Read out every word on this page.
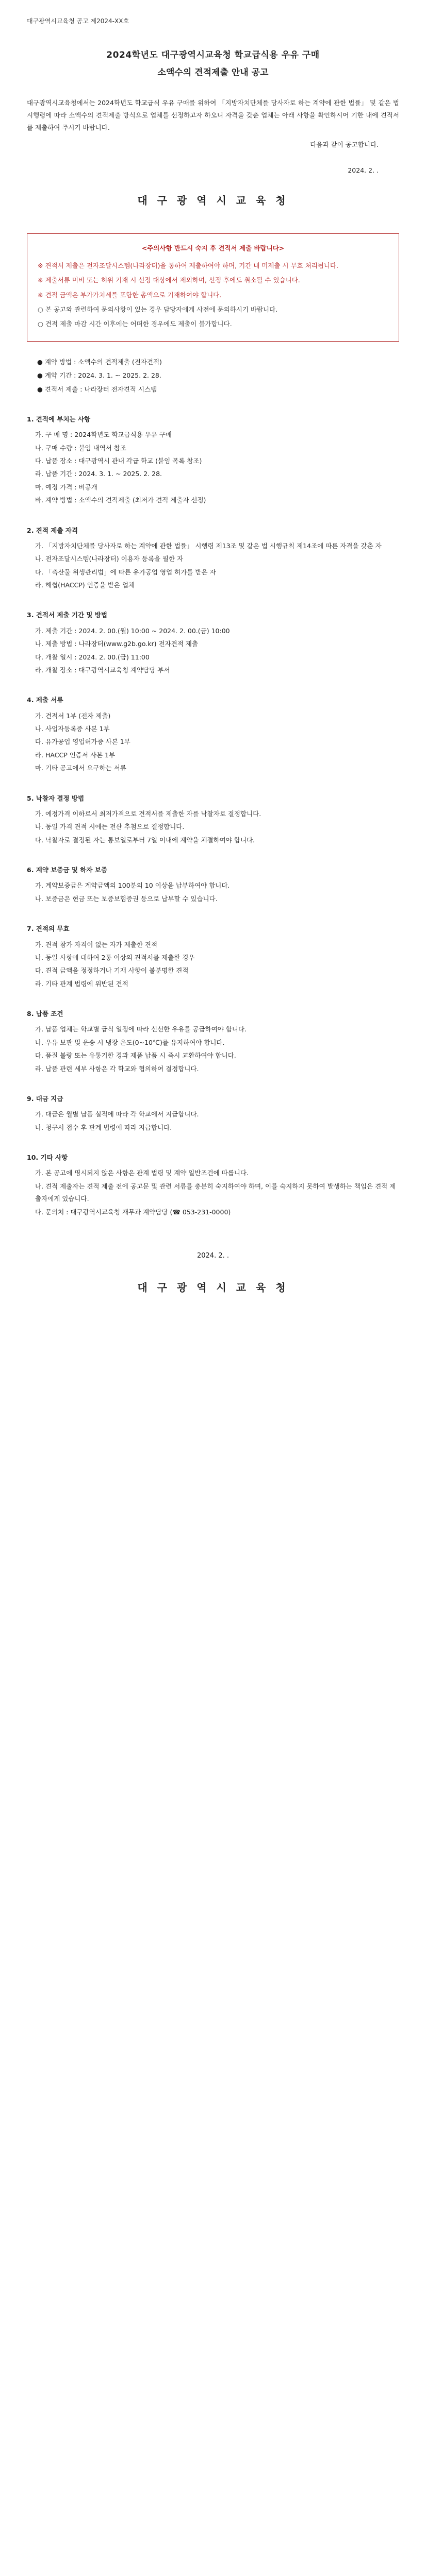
대구광역시교육청 공고 제2024-XX호
2024학년도 대구광역시교육청 학교급식용 우유 구매
소액수의 견적제출 안내 공고

대구광역시교육청에서는 2024학년도 학교급식 우유 구매를 위하여 「지방자치단체를 당사자로 하는 계약에 관한 법률」 및 같은 법 시행령에 따라 소액수의 견적제출 방식으로 업체를 선정하고자 하오니 자격을 갖춘 업체는 아래 사항을 확인하시어 기한 내에 견적서를 제출하여 주시기 바랍니다.

다음과 같이 공고합니다.

2024. 2. .

대 구 광 역 시 교 육 청
<주의사항 반드시 숙지 후 견적서 제출 바랍니다>

※ 견적서 제출은 전자조달시스템(나라장터)을 통하여 제출하여야 하며, 기간 내 미제출 시 무효 처리됩니다.

※ 제출서류 미비 또는 허위 기재 시 선정 대상에서 제외하며, 선정 후에도 취소될 수 있습니다.

※ 견적 금액은 부가가치세를 포함한 총액으로 기재하여야 합니다.

○ 본 공고와 관련하여 문의사항이 있는 경우 담당자에게 사전에 문의하시기 바랍니다.

○ 견적 제출 마감 시간 이후에는 어떠한 경우에도 제출이 불가합니다.

● 계약 방법 : 소액수의 견적제출 (전자견적)

● 계약 기간 : 2024. 3. 1. ~ 2025. 2. 28.

● 견적서 제출 : 나라장터 전자견적 시스템

1. 견적에 부치는 사항

가. 구 매 명 : 2024학년도 학교급식용 우유 구매

나. 구매 수량 : 붙임 내역서 참조

다. 납품 장소 : 대구광역시 관내 각급 학교 (붙임 목록 참조)

라. 납품 기간 : 2024. 3. 1. ~ 2025. 2. 28.

마. 예정 가격 : 비공개

바. 계약 방법 : 소액수의 견적제출 (최저가 견적 제출자 선정)

2. 견적 제출 자격

가. 「지방자치단체를 당사자로 하는 계약에 관한 법률」 시행령 제13조 및 같은 법 시행규칙 제14조에 따른 자격을 갖춘 자

나. 전자조달시스템(나라장터) 이용자 등록을 필한 자

다. 「축산물 위생관리법」에 따른 유가공업 영업 허가를 받은 자

라. 해썹(HACCP) 인증을 받은 업체

3. 견적서 제출 기간 및 방법

가. 제출 기간 : 2024. 2. 00.(월) 10:00 ~ 2024. 2. 00.(금) 10:00

나. 제출 방법 : 나라장터(www.g2b.go.kr) 전자견적 제출

다. 개찰 일시 : 2024. 2. 00.(금) 11:00

라. 개찰 장소 : 대구광역시교육청 계약담당 부서

4. 제출 서류

가. 견적서 1부 (전자 제출)

나. 사업자등록증 사본 1부

다. 유가공업 영업허가증 사본 1부

라. HACCP 인증서 사본 1부

마. 기타 공고에서 요구하는 서류

5. 낙찰자 결정 방법

가. 예정가격 이하로서 최저가격으로 견적서를 제출한 자를 낙찰자로 결정합니다.

나. 동일 가격 견적 시에는 전산 추첨으로 결정합니다.

다. 낙찰자로 결정된 자는 통보일로부터 7일 이내에 계약을 체결하여야 합니다.

6. 계약 보증금 및 하자 보증

가. 계약보증금은 계약금액의 100분의 10 이상을 납부하여야 합니다.

나. 보증금은 현금 또는 보증보험증권 등으로 납부할 수 있습니다.

7. 견적의 무효

가. 견적 참가 자격이 없는 자가 제출한 견적

나. 동일 사항에 대하여 2통 이상의 견적서를 제출한 경우

다. 견적 금액을 정정하거나 기재 사항이 불분명한 견적

라. 기타 관계 법령에 위반된 견적

8. 납품 조건

가. 납품 업체는 학교별 급식 일정에 따라 신선한 우유를 공급하여야 합니다.

나. 우유 보관 및 운송 시 냉장 온도(0~10℃)를 유지하여야 합니다.

다. 품질 불량 또는 유통기한 경과 제품 납품 시 즉시 교환하여야 합니다.

라. 납품 관련 세부 사항은 각 학교와 협의하여 결정합니다.

9. 대금 지급

가. 대금은 월별 납품 실적에 따라 각 학교에서 지급합니다.

나. 청구서 접수 후 관계 법령에 따라 지급합니다.

10. 기타 사항

가. 본 공고에 명시되지 않은 사항은 관계 법령 및 계약 일반조건에 따릅니다.

나. 견적 제출자는 견적 제출 전에 공고문 및 관련 서류를 충분히 숙지하여야 하며, 이를 숙지하지 못하여 발생하는 책임은 견적 제출자에게 있습니다.

다. 문의처 : 대구광역시교육청 재무과 계약담당 (☎ 053-231-0000)

2024. 2. .
대 구 광 역 시 교 육 청
